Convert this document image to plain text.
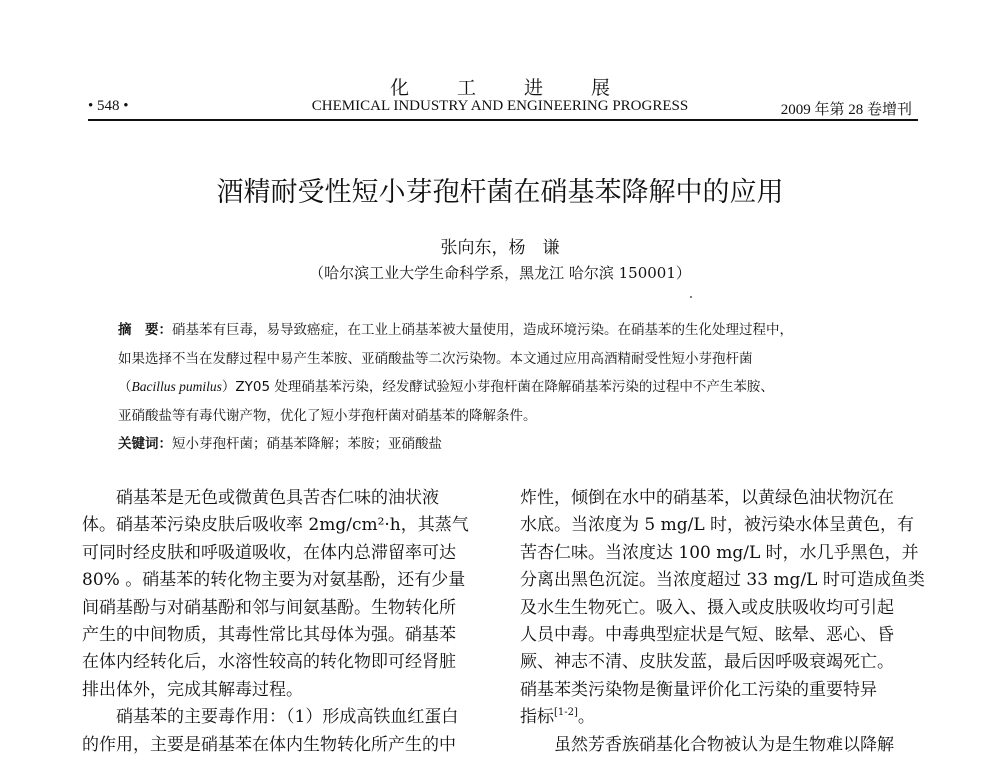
化工进展
• 548 •	CHEMICAL INDUSTRY AND ENGINEERING PROGRESS	2009 年第 28 卷增刊
酒精耐受性短小芽孢杆菌在硝基苯降解中的应用
张向东，杨　谦
（哈尔滨工业大学生命科学系，黑龙江 哈尔滨 150001）
摘　要：硝基苯有巨毒，易导致癌症，在工业上硝基苯被大量使用，造成环境污染。在硝基苯的生化处理过程中，
如果选择不当在发酵过程中易产生苯胺、亚硝酸盐等二次污染物。本文通过应用高酒精耐受性短小芽孢杆菌
（Bacillus pumilus）ZY05 处理硝基苯污染，经发酵试验短小芽孢杆菌在降解硝基苯污染的过程中不产生苯胺、
亚硝酸盐等有毒代谢产物，优化了短小芽孢杆菌对硝基苯的降解条件。
关键词：短小芽孢杆菌；硝基苯降解；苯胺；亚硝酸盐
硝基苯是无色或微黄色具苦杏仁味的油状液
体。硝基苯污染皮肤后吸收率 2mg/cm²·h，其蒸气
可同时经皮肤和呼吸道吸收，在体内总滞留率可达
80% 。硝基苯的转化物主要为对氨基酚，还有少量
间硝基酚与对硝基酚和邻与间氨基酚。生物转化所
产生的中间物质，其毒性常比其母体为强。硝基苯
在体内经转化后，水溶性较高的转化物即可经肾脏
排出体外，完成其解毒过程。
硝基苯的主要毒作用：（1）形成高铁血红蛋白
的作用，主要是硝基苯在体内生物转化所产生的中
炸性，倾倒在水中的硝基苯，以黄绿色油状物沉在
水底。当浓度为 5 mg/L 时，被污染水体呈黄色，有
苦杏仁味。当浓度达 100 mg/L 时，水几乎黑色，并
分离出黑色沉淀。当浓度超过 33 mg/L 时可造成鱼类
及水生生物死亡。吸入、摄入或皮肤吸收均可引起
人员中毒。中毒典型症状是气短、眩晕、恶心、昏
厥、神志不清、皮肤发蓝，最后因呼吸衰竭死亡。
硝基苯类污染物是衡量评价化工污染的重要特异
指标[1-2]。
虽然芳香族硝基化合物被认为是生物难以降解
